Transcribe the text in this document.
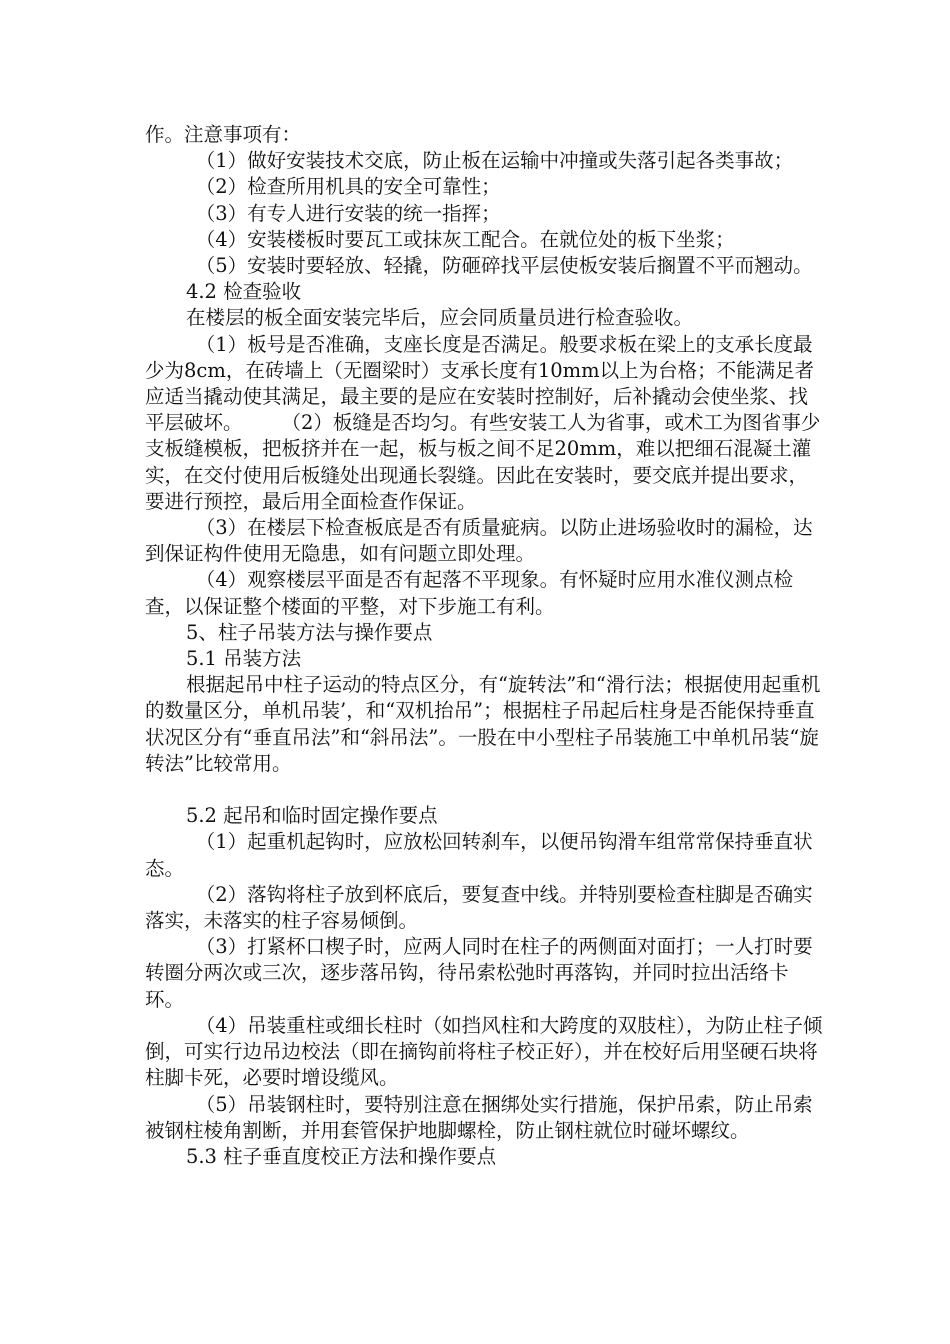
作。注意事项有：

（1）做好安装技术交底，防止板在运输中冲撞或失落引起各类事故；

（2）检查所用机具的安全可靠性；

（3）有专人进行安装的统一指挥；

（4）安装楼板时要瓦工或抹灰工配合。在就位处的板下坐浆；

（5）安装时要轻放、轻撬，防砸碎找平层使板安装后搁置不平而翘动。

4.2 检查验收

在楼层的板全面安装完毕后，应会同质量员进行检查验收。

（1）板号是否准确，支座长度是否满足。般要求板在梁上的支承长度最少为8cm，在砖墙上（无圈梁时）支承长度有10mm以上为台格；不能满足者应适当撬动使其满足，最主要的是应在安装时控制好，后补撬动会使坐浆、找平层破坏。　　　（2）板缝是否均匀。有些安装工人为省事，或术工为图省事少支板缝模板，把板挤并在一起，板与板之间不足20mm，难以把细石混凝土灌实，在交付使用后板缝处出现通长裂缝。因此在安装时，要交底并提出要求，要进行预控，最后用全面检查作保证。

（3）在楼层下检查板底是否有质量疵病。以防止进场验收时的漏检，达到保证构件使用无隐患，如有问题立即处理。

（4）观察楼层平面是否有起落不平现象。有怀疑时应用水准仪测点检查，以保证整个楼面的平整，对下步施工有利。

5、柱子吊装方法与操作要点

5.1 吊装方法

根据起吊中柱子运动的特点区分，有“旋转法”和“滑行法；根据使用起重机的数量区分，单机吊装’，和“双机抬吊”；根据柱子吊起后柱身是否能保持垂直状况区分有“垂直吊法”和“斜吊法”。一股在中小型柱子吊装施工中单机吊装“旋转法”比较常用。

5.2 起吊和临时固定操作要点

（1）起重机起钩时，应放松回转刹车，以便吊钩滑车组常常保持垂直状态。

（2）落钩将柱子放到杯底后，要复查中线。并特别要检查柱脚是否确实落实，未落实的柱子容易倾倒。

（3）打紧杯口楔子时，应两人同时在柱子的两侧面对面打；一人打时要转圈分两次或三次，逐步落吊钩，待吊索松弛时再落钩，并同时拉出活络卡环。

（4）吊装重柱或细长柱时（如挡风柱和大跨度的双肢柱），为防止柱子倾倒，可实行边吊边校法（即在摘钩前将柱子校正好），并在校好后用坚硬石块将柱脚卡死，必要时增设缆风。

（5）吊装钢柱时，要特别注意在捆绑处实行措施，保护吊索，防止吊索被钢柱棱角割断，并用套管保护地脚螺栓，防止钢柱就位时碰坏螺纹。

5.3 柱子垂直度校正方法和操作要点
